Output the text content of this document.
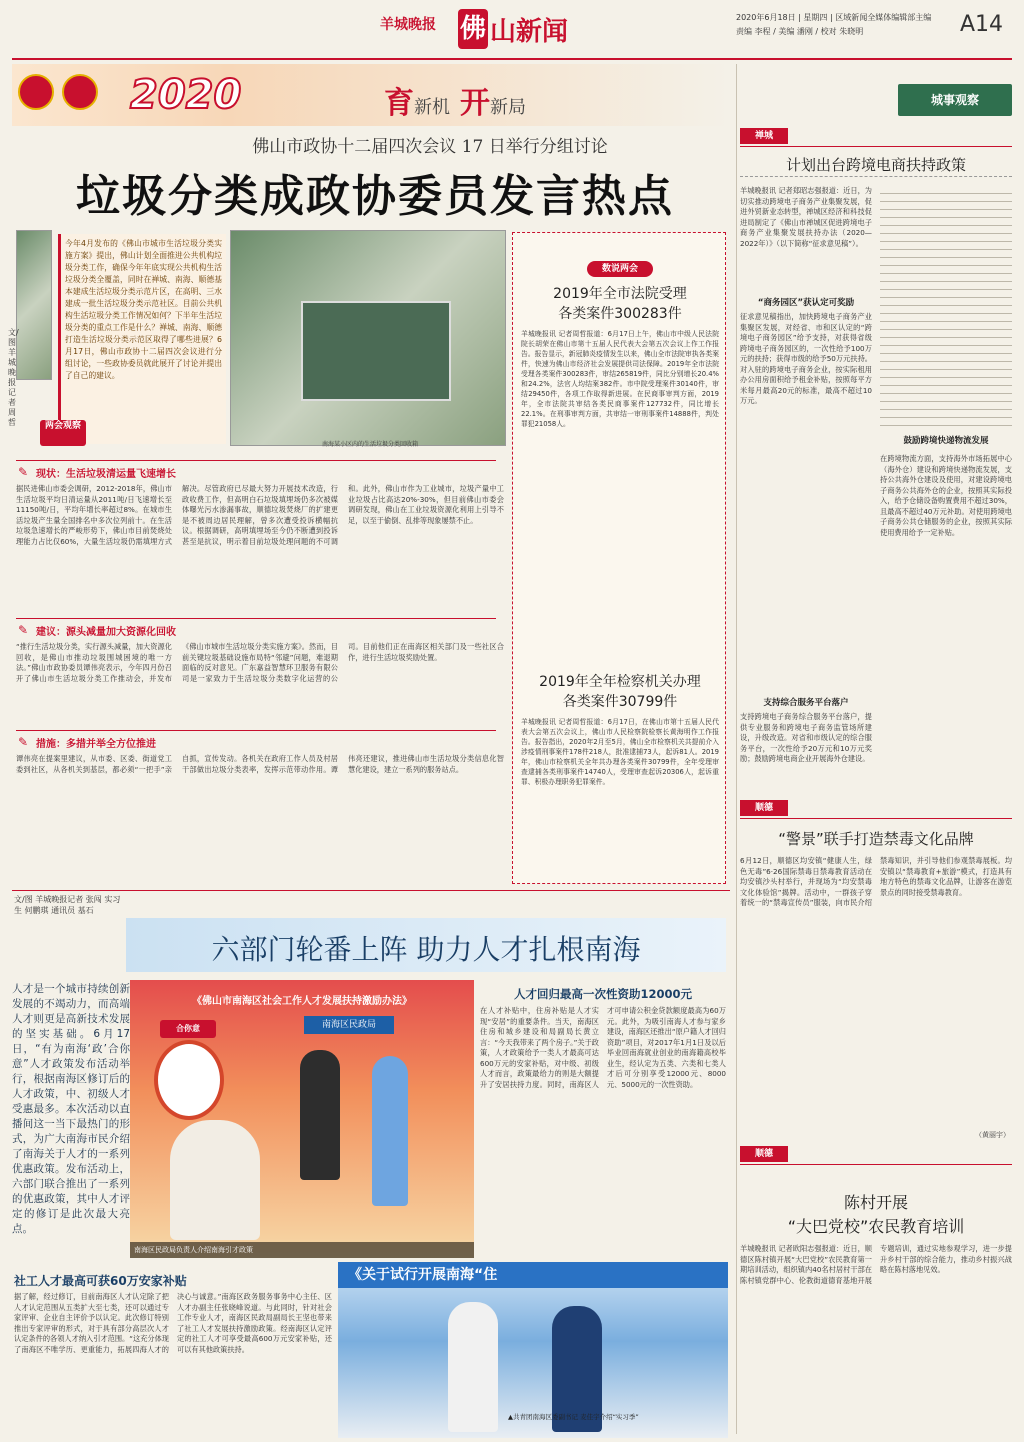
羊城晚报 佛 山新闻	2020年6月18日 | 星期四 | 区域新闻全媒体编辑部主编
责编 李程 / 美编 潘刚 / 校对 朱晓明	A14
2020	育 新机 开 新局	城事观察
佛山市政协十二届四次会议 17 日举行分组讨论
垃圾分类成政协委员发言热点
文/图 羊城晚报记者 周哲
今年4月发布的《佛山市城市生活垃圾分类实施方案》提出，佛山计划全面推进公共机构垃圾分类工作，确保今年年底实现公共机构生活垃圾分类全覆盖，同时在禅城、南海、顺德基本建成生活垃圾分类示范片区，在高明、三水建成一批生活垃圾分类示范社区。目前公共机构生活垃圾分类工作情况如何？下半年生活垃圾分类的重点工作是什么？禅城、南海、顺德打造生活垃圾分类示范区取得了哪些进展？6月17日，佛山市政协十二届四次会议进行分组讨论，一些政协委员就此展开了讨论并提出了自己的建议。
两会观察
南海某小区内的生活垃圾分类回收箱
✎ 现状：生活垃圾清运量飞速增长
据民进佛山市委会调研，2012-2018年，佛山市生活垃圾平均日清运量从2011吨/日飞速增长至11150吨/日，平均年增长率超过8%。在城市生活垃圾产生量全国排名中多次位列前十。在生活垃圾急速增长的严峻形势下，佛山市目前焚烧处理能力占比仅60%，大量生活垃圾仍需填埋方式解决。尽管政府已尽最大努力开展技术改造，行政收费工作，但高明白石垃圾填埋场仍多次被媒体曝光污水渗漏事故，顺德垃圾焚烧厂的扩建更是不被周边居民理解，曾多次遭受投诉横幅抗议。根据调研，高明填埋场至今仍不断遭到投诉甚至是抗议，明示着目前垃圾处理问题的不可调和。此外，佛山市作为工业城市，垃圾产量中工业垃圾占比高达20%-30%，但目前佛山市委会调研发现，佛山在工业垃圾资源化利用上引导不足，以至于偷倒、乱排等现象屡禁不止。
✎ 建议：源头减量加大资源化回收
“推行生活垃圾分类，实行源头减量，加大资源化回收，是佛山市推动垃圾围城困境的唯一方法。”佛山市政协委员谭伟亮表示，今年四月份召开了佛山市生活垃圾分类工作推动会，并发布《佛山市城市生活垃圾分类实施方案》。然而，目前关键垃圾基础设施布局特“邻避”问题，难退期面临的反对意见。广东嘉益智慧环卫服务有限公司是一家致力于生活垃圾分类数字化运营的公司。目前他们正在南海区相关部门及一些社区合作，进行生活垃圾奖励处置。
✎ 措施：多措并举全方位推进
谭伟亮在提案里建议，从市委、区委、街道党工委到社区，从各机关到基层，都必须“一把手”亲自抓，宣传发动。各机关在政府工作人员及村居干部做出垃圾分类表率，发挥示范带动作用。谭伟亮还建议，推进佛山市生活垃圾分类信息化智慧化建设，建立一系列的服务站点。
数说两会
2019年全市法院受理
各类案件300283件
羊城晚报讯 记者周哲报道：6月17日上午，佛山市中级人民法院院长胡荣在佛山市第十五届人民代表大会第五次会议上作工作报告。报告显示，新冠肺炎疫情发生以来，佛山全市法院审执各类案件，快速为佛山市经济社会发展提供司法保障。2019年全市法院受理各类案件300283件，审结265819件，同比分别增长20.4%和24.2%，法官人均结案382件。市中院受理案件30140件，审结29450件，各项工作取得新进展。在民商事审判方面，2019年，全市法院共审结各类民商事案件127732件，同比增长22.1%。在刑事审判方面，共审结一审刑事案件14888件，判处罪犯21058人。
2019年全年检察机关办理
各类案件30799件
羊城晚报讯 记者周哲报道：6月17日，在佛山市第十五届人民代表大会第五次会议上，佛山市人民检察院检察长黄海明作工作报告。报告指出，2020年2月至5月，佛山全市检察机关共提前介入涉疫情刑事案件178件218人，批准逮捕73人，起诉81人。2019年，佛山市检察机关全年共办理各类案件30799件，全年受理审查逮捕各类刑事案件14740人，受理审查起诉20306人，起诉重罪、积极办理职务犯罪案件。
文/图 羊城晚报记者 张闯 实习生 何鹏琪 通讯员 基石
六部门轮番上阵 助力人才扎根南海
人才是一个城市持续创新发展的不竭动力，而高端人才则更是高新技术发展的坚实基础。6月17日，“有为南海‘政’合你意”人才政策发布活动举行，根据南海区修订后的人才政策，中、初级人才受惠最多。本次活动以直播间这一当下最热门的形式，为广大南海市民介绍了南海关于人才的一系列优惠政策。发布活动上，六部门联合推出了一系列的优惠政策，其中人才评定的修订是此次最大亮点。
《佛山市南海区社会工作人才发展扶持激励办法》
南海区民政局
合你意
南海区民政局负责人介绍南海引才政策
人才回归最高一次性资助12000元
在人才补贴中，住房补贴是人才实现“安居”的重要条件。当天，南海区住房和城乡建设和局副局长黄立言：“今天我带来了两个房子。”关于政策，人才政策给予一类人才最高可达600万元的安家补贴，对中级、初级人才而言，政策最给力的则是大额提升了安居扶持力度。同时，南海区人才可申请公积金贷款额度最高为60万元。此外，为吸引南海人才参与家乡建设，南海区还推出“原户籍人才回归资助”项目，对2017年1月1日及以后毕业回南海就业创业的南海籍高校毕业生，经认定为五类、六类和七类人才后可分别享受12000元、8000元、5000元的一次性资助。
社工人才最高可获60万安家补贴
据了解，经过修订，目前南海区人才认定除了把人才认定范围从五类扩大至七类，还可以通过专家评审、企业自主评价予以认定。此次修订特别推出专家评审的形式，对于具有部分高层次人才认定条件的各领人才纳入引才范围。“这充分体现了南海区不唯学历、更重能力，拓展四海人才的决心与诚意。”南海区政务服务事务中心主任、区人才办副主任张晓峰说道。与此同时，针对社会工作专业人才，南海区民政局副局长王坚也带来了社工人才发展扶持激励政策。经南海区认定评定的社工人才可享受最高600万元安家补贴，还可以有其他政策扶持。
《关于试行开展南海“住
▲共青团南海区委副书记 麦佳宇介绍“实习季”
禅城
计划出台跨境电商扶持政策
羊城晚报讯 记者郑昭志强报道：近日，为切实推动跨境电子商务产业集聚发展，促进外贸新业态转型，禅城区经济和科技促进局制定了《佛山市禅城区促进跨境电子商务产业集聚发展扶持办法（2020—2022年）》（以下简称“征求意见稿”）。
“商务园区”获认定可奖励
征求意见稿指出，加快跨境电子商务产业集聚区发展，对经省、市和区认定的“跨境电子商务园区”给予支持，对获得省级跨境电子商务园区的，一次性给予100万元的扶持；获得市级的给予50万元扶持。对入驻的跨境电子商务企业，按实际租用办公用房面积给予租金补贴，按照每平方米每月最高20元的标准，最高不超过10万元。
支持综合服务平台落户
支持跨境电子商务综合服务平台落户，提供专业服务和跨境电子商务监管场所建设，升级改造。对省和市级认定的综合服务平台，一次性给予20万元和10万元奖励；鼓励跨境电商企业开展海外仓建设。
鼓励跨境快递物流发展
在跨境物流方面，支持海外市场拓展中心（海外仓）建设和跨境快递物流发展，支持公共海外仓建设及使用，对建设跨境电子商务公共海外仓的企业，按照其实际投入，给予仓储设备购置费用不超过30%，且最高不超过40万元补助。对使用跨境电子商务公共仓储服务的企业，按照其实际使用费用给予一定补贴。
顺德
“警景”联手打造禁毒文化品牌
6月12日，顺德区均安镇“健康人生，绿色无毒”6·26国际禁毒日禁毒教育活动在均安镇沙头村举行，并现场为“均安禁毒文化体验馆”揭牌。活动中，一群孩子穿着统一的“禁毒宣传员”服装，向市民介绍禁毒知识，并引导他们参观禁毒展板。均安镇以“禁毒教育+旅游”模式，打造具有地方特色的禁毒文化品牌，让游客在游览景点的同时接受禁毒教育。
（黄丽宇）
顺德
陈村开展
“大巴党校”农民教育培训
羊城晚报讯 记者欧阳志强报道：近日，顺德区陈村镇开展“大巴党校”农民教育第一期培训活动，组织镇内40名村居村干部在陈村镇党群中心、伦教街道德育基地开展专题培训，通过实地参观学习，进一步提升乡村干部的综合能力，推动乡村振兴战略在陈村落地见效。
